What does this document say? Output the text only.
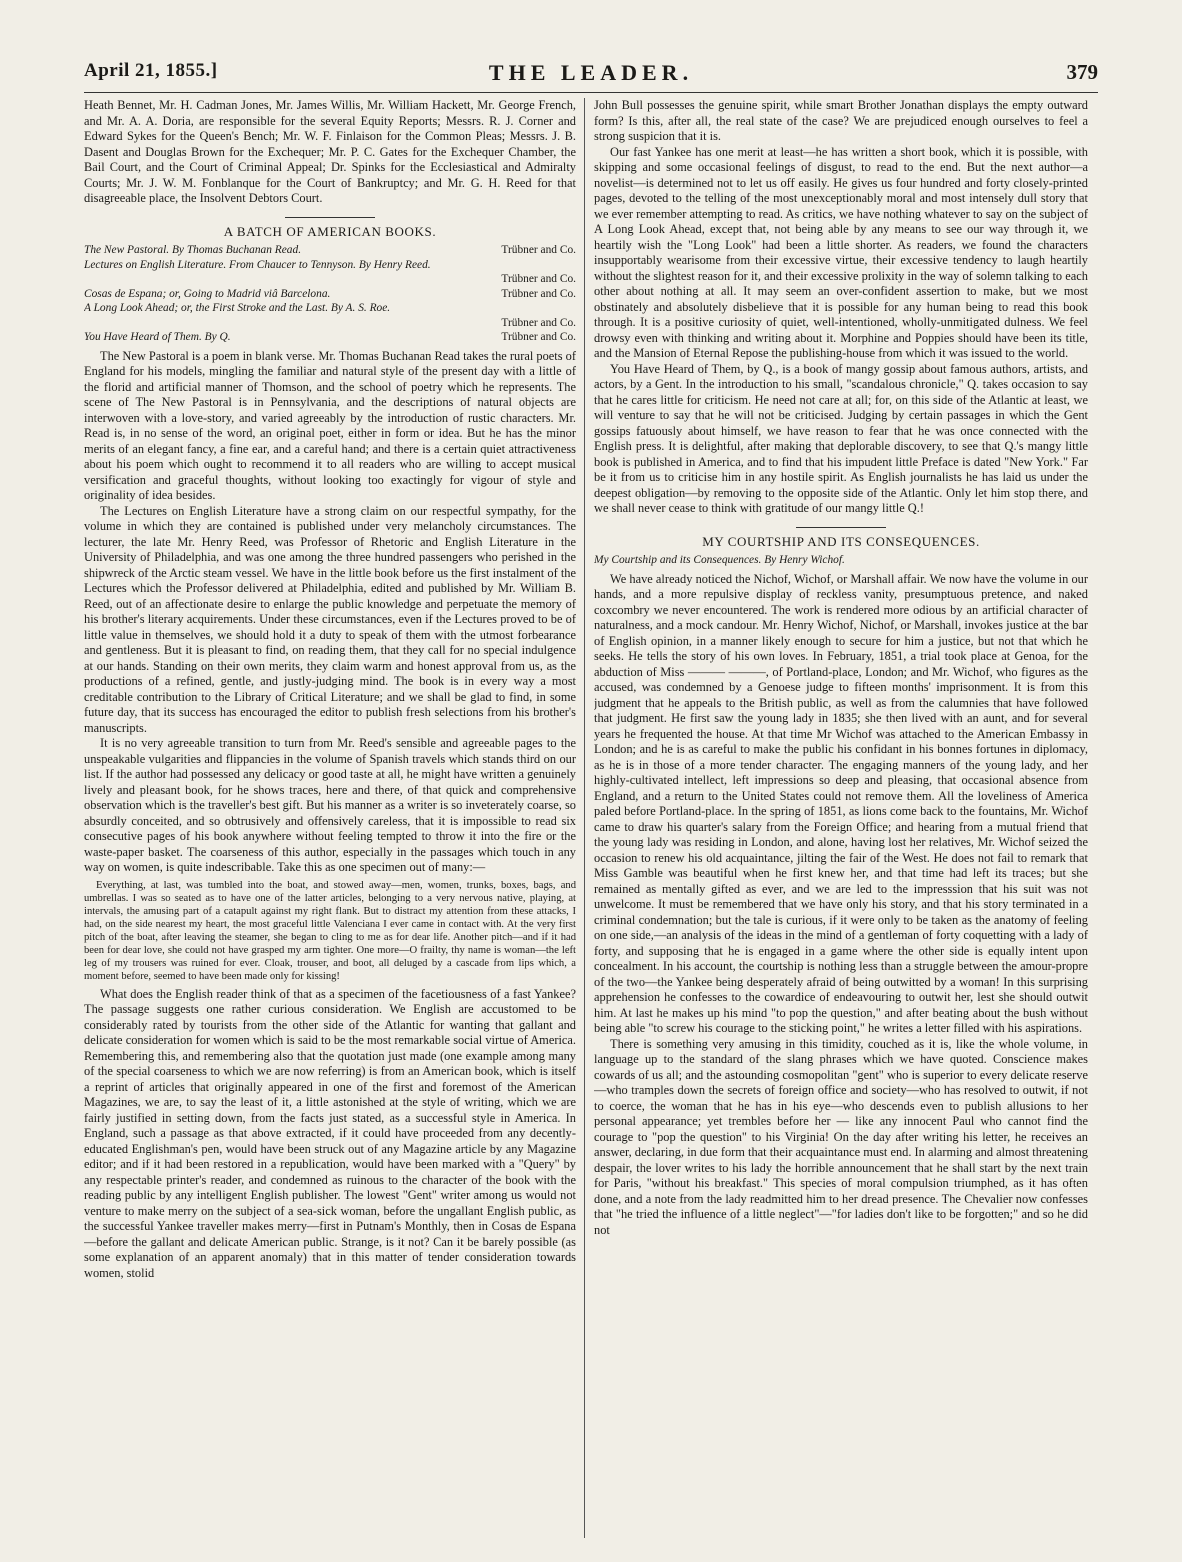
April 21, 1855.]	THE LEADER.	379

Heath Bennet, Mr. H. Cadman Jones, Mr. James Willis, Mr. William Hackett, Mr. George French, and Mr. A. A. Doria, are responsible for the several Equity Reports; Messrs. R. J. Corner and Edward Sykes for the Queen's Bench; Mr. W. F. Finlaison for the Common Pleas; Messrs. J. B. Dasent and Douglas Brown for the Exchequer; Mr. P. C. Gates for the Exchequer Chamber, the Bail Court, and the Court of Criminal Appeal; Dr. Spinks for the Ecclesiastical and Admiralty Courts; Mr. J. W. M. Fonblanque for the Court of Bankruptcy; and Mr. G. H. Reed for that disagreeable place, the Insolvent Debtors Court.

A BATCH OF AMERICAN BOOKS.
The New Pastoral. By Thomas Buchanan Read.	Trübner and Co.
Lectures on English Literature. From Chaucer to Tennyson. By Henry Reed.
Trübner and Co.
Cosas de Espana; or, Going to Madrid viâ Barcelona.	Trübner and Co.
A Long Look Ahead; or, the First Stroke and the Last. By A. S. Roe.
Trübner and Co.
You Have Heard of Them. By Q.	Trübner and Co.

The New Pastoral is a poem in blank verse. Mr. Thomas Buchanan Read takes the rural poets of England for his models, mingling the familiar and natural style of the present day with a little of the florid and artificial manner of Thomson, and the school of poetry which he represents. The scene of The New Pastoral is in Pennsylvania, and the descriptions of natural objects are interwoven with a love-story, and varied agreeably by the introduction of rustic characters. Mr. Read is, in no sense of the word, an original poet, either in form or idea. But he has the minor merits of an elegant fancy, a fine ear, and a careful hand; and there is a certain quiet attractiveness about his poem which ought to recommend it to all readers who are willing to accept musical versification and graceful thoughts, without looking too exactingly for vigour of style and originality of idea besides.

The Lectures on English Literature have a strong claim on our respectful sympathy, for the volume in which they are contained is published under very melancholy circumstances. The lecturer, the late Mr. Henry Reed, was Professor of Rhetoric and English Literature in the University of Philadelphia, and was one among the three hundred passengers who perished in the shipwreck of the Arctic steam vessel. We have in the little book before us the first instalment of the Lectures which the Professor delivered at Philadelphia, edited and published by Mr. William B. Reed, out of an affectionate desire to enlarge the public knowledge and perpetuate the memory of his brother's literary acquirements. Under these circumstances, even if the Lectures proved to be of little value in themselves, we should hold it a duty to speak of them with the utmost forbearance and gentleness. But it is pleasant to find, on reading them, that they call for no special indulgence at our hands. Standing on their own merits, they claim warm and honest approval from us, as the productions of a refined, gentle, and justly-judging mind. The book is in every way a most creditable contribution to the Library of Critical Literature; and we shall be glad to find, in some future day, that its success has encouraged the editor to publish fresh selections from his brother's manuscripts.

It is no very agreeable transition to turn from Mr. Reed's sensible and agreeable pages to the unspeakable vulgarities and flippancies in the volume of Spanish travels which stands third on our list. If the author had possessed any delicacy or good taste at all, he might have written a genuinely lively and pleasant book, for he shows traces, here and there, of that quick and comprehensive observation which is the traveller's best gift. But his manner as a writer is so inveterately coarse, so absurdly conceited, and so obtrusively and offensively careless, that it is impossible to read six consecutive pages of his book anywhere without feeling tempted to throw it into the fire or the waste-paper basket. The coarseness of this author, especially in the passages which touch in any way on women, is quite indescribable. Take this as one specimen out of many:—

Everything, at last, was tumbled into the boat, and stowed away—men, women, trunks, boxes, bags, and umbrellas. I was so seated as to have one of the latter articles, belonging to a very nervous native, playing, at intervals, the amusing part of a catapult against my right flank. But to distract my attention from these attacks, I had, on the side nearest my heart, the most graceful little Valenciana I ever came in contact with. At the very first pitch of the boat, after leaving the steamer, she began to cling to me as for dear life. Another pitch—and if it had been for dear love, she could not have grasped my arm tighter. One more—O frailty, thy name is woman—the left leg of my trousers was ruined for ever. Cloak, trouser, and boot, all deluged by a cascade from lips which, a moment before, seemed to have been made only for kissing!

What does the English reader think of that as a specimen of the facetiousness of a fast Yankee? The passage suggests one rather curious consideration. We English are accustomed to be considerably rated by tourists from the other side of the Atlantic for wanting that gallant and delicate consideration for women which is said to be the most remarkable social virtue of America. Remembering this, and remembering also that the quotation just made (one example among many of the special coarseness to which we are now referring) is from an American book, which is itself a reprint of articles that originally appeared in one of the first and foremost of the American Magazines, we are, to say the least of it, a little astonished at the style of writing, which we are fairly justified in setting down, from the facts just stated, as a successful style in America. In England, such a passage as that above extracted, if it could have proceeded from any decently-educated Englishman's pen, would have been struck out of any Magazine article by any Magazine editor; and if it had been restored in a republication, would have been marked with a "Query" by any respectable printer's reader, and condemned as ruinous to the character of the book with the reading public by any intelligent English publisher. The lowest "Gent" writer among us would not venture to make merry on the subject of a sea-sick woman, before the ungallant English public, as the successful Yankee traveller makes merry—first in Putnam's Monthly, then in Cosas de Espana—before the gallant and delicate American public. Strange, is it not? Can it be barely possible (as some explanation of an apparent anomaly) that in this matter of tender consideration towards women, stolid

John Bull possesses the genuine spirit, while smart Brother Jonathan displays the empty outward form? Is this, after all, the real state of the case? We are prejudiced enough ourselves to feel a strong suspicion that it is.

Our fast Yankee has one merit at least—he has written a short book, which it is possible, with skipping and some occasional feelings of disgust, to read to the end. But the next author—a novelist—is determined not to let us off easily. He gives us four hundred and forty closely-printed pages, devoted to the telling of the most unexceptionably moral and most intensely dull story that we ever remember attempting to read. As critics, we have nothing whatever to say on the subject of A Long Look Ahead, except that, not being able by any means to see our way through it, we heartily wish the "Long Look" had been a little shorter. As readers, we found the characters insupportably wearisome from their excessive virtue, their excessive tendency to laugh heartily without the slightest reason for it, and their excessive prolixity in the way of solemn talking to each other about nothing at all. It may seem an over-confident assertion to make, but we most obstinately and absolutely disbelieve that it is possible for any human being to read this book through. It is a positive curiosity of quiet, well-intentioned, wholly-unmitigated dulness. We feel drowsy even with thinking and writing about it. Morphine and Poppies should have been its title, and the Mansion of Eternal Repose the publishing-house from which it was issued to the world.

You Have Heard of Them, by Q., is a book of mangy gossip about famous authors, artists, and actors, by a Gent. In the introduction to his small, "scandalous chronicle," Q. takes occasion to say that he cares little for criticism. He need not care at all; for, on this side of the Atlantic at least, we will venture to say that he will not be criticised. Judging by certain passages in which the Gent gossips fatuously about himself, we have reason to fear that he was once connected with the English press. It is delightful, after making that deplorable discovery, to see that Q.'s mangy little book is published in America, and to find that his impudent little Preface is dated "New York." Far be it from us to criticise him in any hostile spirit. As English journalists he has laid us under the deepest obligation—by removing to the opposite side of the Atlantic. Only let him stop there, and we shall never cease to think with gratitude of our mangy little Q.!

MY COURTSHIP AND ITS CONSEQUENCES.
My Courtship and its Consequences. By Henry Wichof.

We have already noticed the Nichof, Wichof, or Marshall affair. We now have the volume in our hands, and a more repulsive display of reckless vanity, presumptuous pretence, and naked coxcombry we never encountered. The work is rendered more odious by an artificial character of naturalness, and a mock candour. Mr. Henry Wichof, Nichof, or Marshall, invokes justice at the bar of English opinion, in a manner likely enough to secure for him a justice, but not that which he seeks. He tells the story of his own loves. In February, 1851, a trial took place at Genoa, for the abduction of Miss ——— ———, of Portland-place, London; and Mr. Wichof, who figures as the accused, was condemned by a Genoese judge to fifteen months' imprisonment. It is from this judgment that he appeals to the British public, as well as from the calumnies that have followed that judgment. He first saw the young lady in 1835; she then lived with an aunt, and for several years he frequented the house. At that time Mr Wichof was attached to the American Embassy in London; and he is as careful to make the public his confidant in his bonnes fortunes in diplomacy, as he is in those of a more tender character. The engaging manners of the young lady, and her highly-cultivated intellect, left impressions so deep and pleasing, that occasional absence from England, and a return to the United States could not remove them. All the loveliness of America paled before Portland-place. In the spring of 1851, as lions come back to the fountains, Mr. Wichof came to draw his quarter's salary from the Foreign Office; and hearing from a mutual friend that the young lady was residing in London, and alone, having lost her relatives, Mr. Wichof seized the occasion to renew his old acquaintance, jilting the fair of the West. He does not fail to remark that Miss Gamble was beautiful when he first knew her, and that time had left its traces; but she remained as mentally gifted as ever, and we are led to the impresssion that his suit was not unwelcome. It must be remembered that we have only his story, and that his story terminated in a criminal condemnation; but the tale is curious, if it were only to be taken as the anatomy of feeling on one side,—an analysis of the ideas in the mind of a gentleman of forty coquetting with a lady of forty, and supposing that he is engaged in a game where the other side is equally intent upon concealment. In his account, the courtship is nothing less than a struggle between the amour-propre of the two—the Yankee being desperately afraid of being outwitted by a woman! In this surprising apprehension he confesses to the cowardice of endeavouring to outwit her, lest she should outwit him. At last he makes up his mind "to pop the question," and after beating about the bush without being able "to screw his courage to the sticking point," he writes a letter filled with his aspirations.

There is something very amusing in this timidity, couched as it is, like the whole volume, in language up to the standard of the slang phrases which we have quoted. Conscience makes cowards of us all; and the astounding cosmopolitan "gent" who is superior to every delicate reserve—who tramples down the secrets of foreign office and society—who has resolved to outwit, if not to coerce, the woman that he has in his eye—who descends even to publish allusions to her personal appearance; yet trembles before her — like any innocent Paul who cannot find the courage to "pop the question" to his Virginia! On the day after writing his letter, he receives an answer, declaring, in due form that their acquaintance must end. In alarming and almost threatening despair, the lover writes to his lady the horrible announcement that he shall start by the next train for Paris, "without his breakfast." This species of moral compulsion triumphed, as it has often done, and a note from the lady readmitted him to her dread presence. The Chevalier now confesses that "he tried the influence of a little neglect"—"for ladies don't like to be forgotten;" and so he did not
